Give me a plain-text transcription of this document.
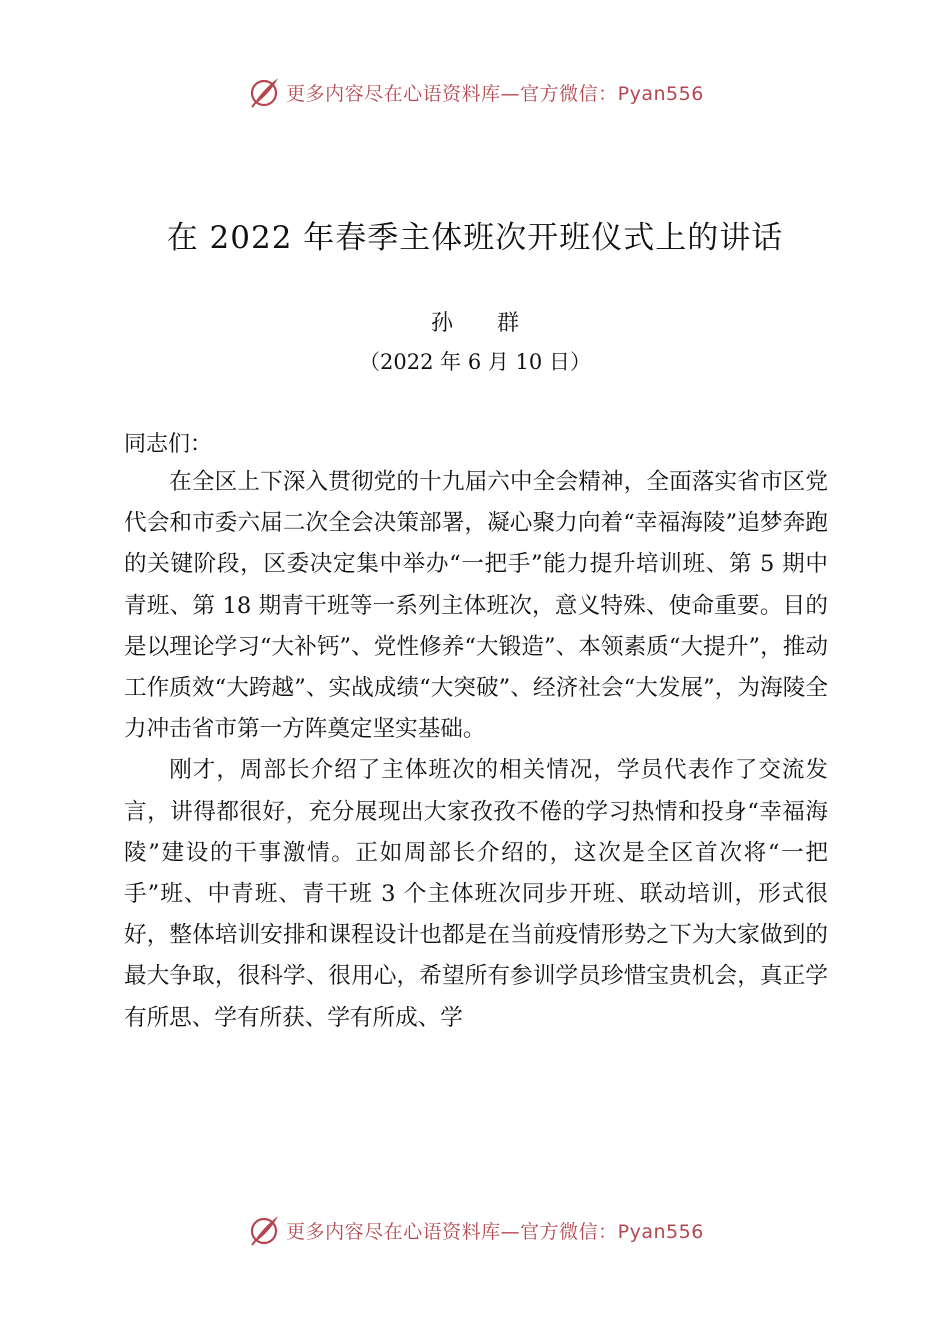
更多内容尽在心语资料库—官方微信：Pyan556
在 2022 年春季主体班次开班仪式上的讲话
孙 群
（2022 年 6 月 10 日）
同志们：

在全区上下深入贯彻党的十九届六中全会精神，全面落实省市区党代会和市委六届二次全会决策部署，凝心聚力向着“幸福海陵”追梦奔跑的关键阶段，区委决定集中举办“一把手”能力提升培训班、第 5 期中青班、第 18 期青干班等一系列主体班次，意义特殊、使命重要。目的是以理论学习“大补钙”、党性修养“大锻造”、本领素质“大提升”，推动工作质效“大跨越”、实战成绩“大突破”、经济社会“大发展”，为海陵全力冲击省市第一方阵奠定坚实基础。

刚才，周部长介绍了主体班次的相关情况，学员代表作了交流发言，讲得都很好，充分展现出大家孜孜不倦的学习热情和投身“幸福海陵”建设的干事激情。正如周部长介绍的，这次是全区首次将“一把手”班、中青班、青干班 3 个主体班次同步开班、联动培训，形式很好，整体培训安排和课程设计也都是在当前疫情形势之下为大家做到的最大争取，很科学、很用心，希望所有参训学员珍惜宝贵机会，真正学有所思、学有所获、学有所成、学

更多内容尽在心语资料库—官方微信：Pyan556
